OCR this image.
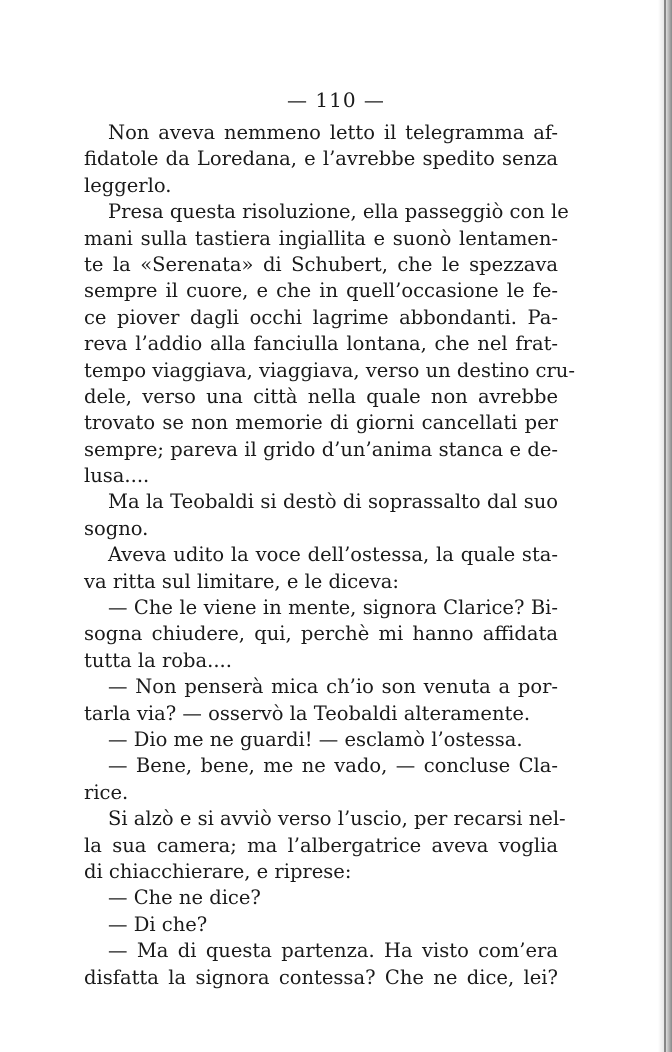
— 110 —
Non aveva nemmeno letto il telegramma af-
fidatole da Loredana, e l’avrebbe spedito senza
leggerlo.
Presa questa risoluzione, ella passeggiò con le
mani sulla tastiera ingiallita e suonò lentamen-
te la «Serenata» di Schubert, che le spezzava
sempre il cuore, e che in quell’occasione le fe-
ce piover dagli occhi lagrime abbondanti. Pa-
reva l’addio alla fanciulla lontana, che nel frat-
tempo viaggiava, viaggiava, verso un destino cru-
dele, verso una città nella quale non avrebbe
trovato se non memorie di giorni cancellati per
sempre; pareva il grido d’un’anima stanca e de-
lusa....
Ma la Teobaldi si destò di soprassalto dal suo
sogno.
Aveva udito la voce dell’ostessa, la quale sta-
va ritta sul limitare, e le diceva:
— Che le viene in mente, signora Clarice? Bi-
sogna chiudere, qui, perchè mi hanno affidata
tutta la roba....
— Non penserà mica ch’io son venuta a por-
tarla via? — osservò la Teobaldi alteramente.
— Dio me ne guardi! — esclamò l’ostessa.
— Bene, bene, me ne vado, — concluse Cla-
rice.
Si alzò e si avviò verso l’uscio, per recarsi nel-
la sua camera; ma l’albergatrice aveva voglia
di chiacchierare, e riprese:
— Che ne dice?
— Di che?
— Ma di questa partenza. Ha visto com’era
disfatta la signora contessa? Che ne dice, lei?
